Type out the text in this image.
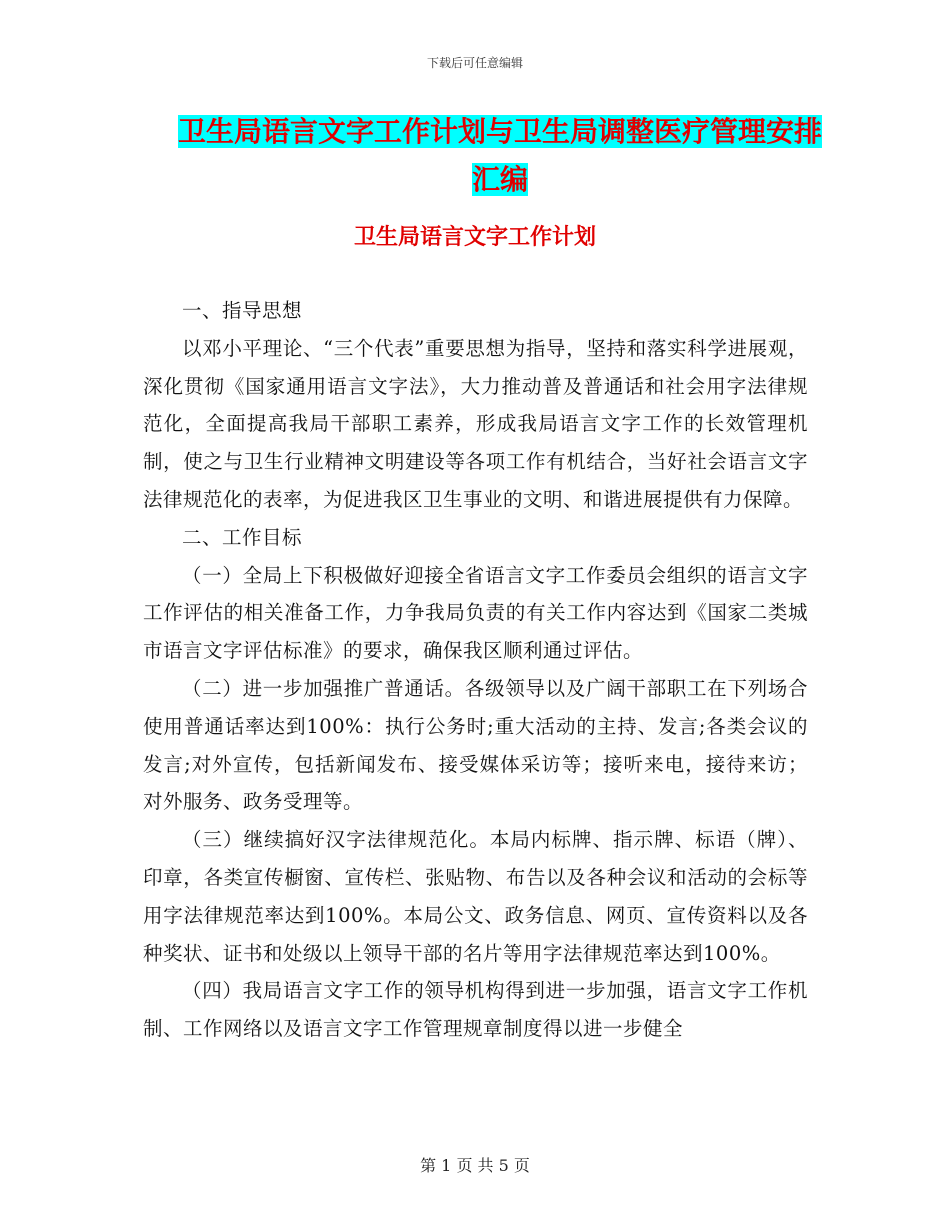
下载后可任意编辑
卫生局语言文字工作计划与卫生局调整医疗管理安排
汇编
卫生局语言文字工作计划

一、指导思想

以邓小平理论、“三个代表”重要思想为指导，坚持和落实科学进展观，深化贯彻《国家通用语言文字法》，大力推动普及普通话和社会用字法律规范化，全面提高我局干部职工素养，形成我局语言文字工作的长效管理机制，使之与卫生行业精神文明建设等各项工作有机结合，当好社会语言文字法律规范化的表率，为促进我区卫生事业的文明、和谐进展提供有力保障。

二、工作目标

（一）全局上下积极做好迎接全省语言文字工作委员会组织的语言文字工作评估的相关准备工作，力争我局负责的有关工作内容达到《国家二类城市语言文字评估标准》的要求，确保我区顺利通过评估。

（二）进一步加强推广普通话。各级领导以及广阔干部职工在下列场合使用普通话率达到100%：执行公务时;重大活动的主持、发言;各类会议的发言;对外宣传，包括新闻发布、接受媒体采访等；接听来电，接待来访；对外服务、政务受理等。

（三）继续搞好汉字法律规范化。本局内标牌、指示牌、标语（牌）、印章，各类宣传橱窗、宣传栏、张贴物、布告以及各种会议和活动的会标等用字法律规范率达到100%。本局公文、政务信息、网页、宣传资料以及各种奖状、证书和处级以上领导干部的名片等用字法律规范率达到100%。

（四）我局语言文字工作的领导机构得到进一步加强，语言文字工作机制、工作网络以及语言文字工作管理规章制度得以进一步健全

第 1 页 共 5 页
